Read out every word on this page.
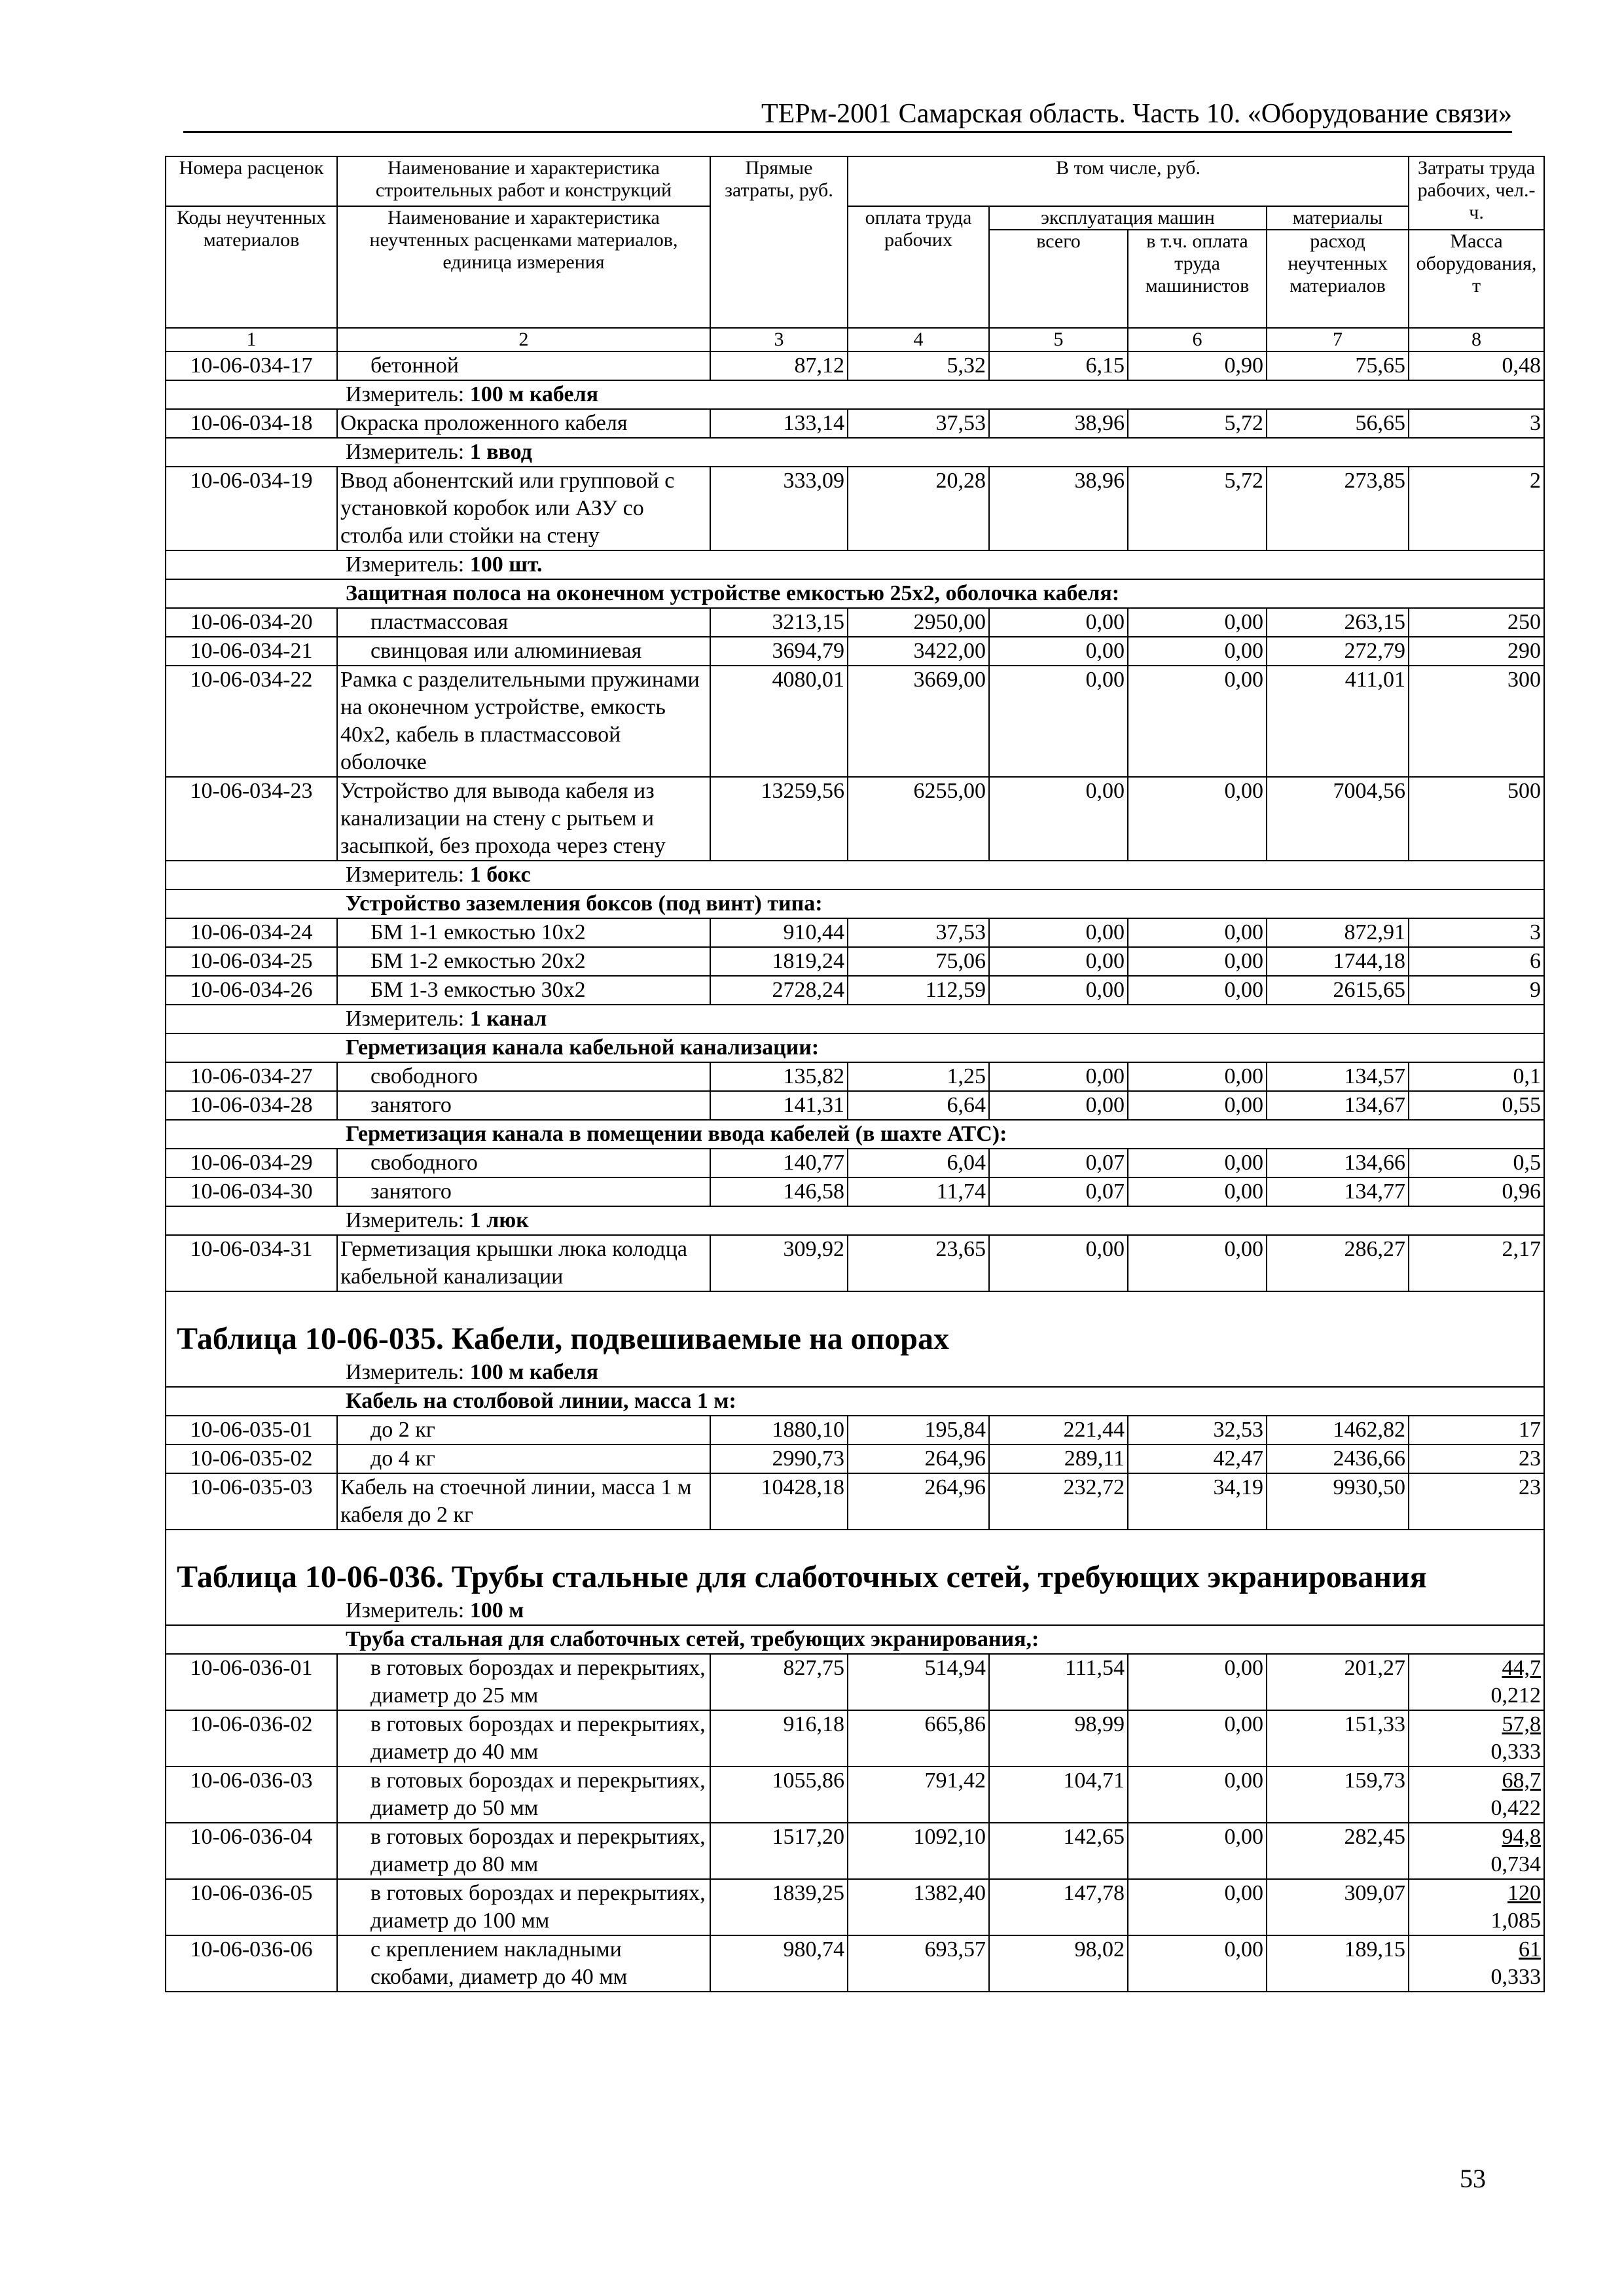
ТЕРм-2001 Самарская область. Часть 10. «Оборудование связи»
Номера расценок	Наименование и характеристика строительных работ и конструкций	Прямые затраты, руб.	В том числе, руб.				Затраты труда рабочих, чел.-ч.
Коды неучтенных материалов	Наименование и характеристика неучтенных расценками материалов, единица измерения		оплата труда рабочих	эксплуатация машин		материалы	
				всего	в т.ч. оплата труда машинистов	расход неучтенных материалов	Масса оборудования, т
1	2	3	4	5	6	7	8
10-06-034-17	бетонной	87,12	5,32	6,15	0,90	75,65	0,48
Измеритель: 100 м кабеля							
10-06-034-18	Окраска проложенного кабеля	133,14	37,53	38,96	5,72	56,65	3
Измеритель: 1 ввод							
10-06-034-19	Ввод абонентский или групповой с установкой коробок или АЗУ со столба или стойки на стену	333,09	20,28	38,96	5,72	273,85	2
Измеритель: 100 шт.							
Защитная полоса на оконечном устройстве емкостью 25х2, оболочка кабеля:							
10-06-034-20	пластмассовая	3213,15	2950,00	0,00	0,00	263,15	250
10-06-034-21	свинцовая или алюминиевая	3694,79	3422,00	0,00	0,00	272,79	290
10-06-034-22	Рамка с разделительными пружинами на оконечном устройстве, емкость 40х2, кабель в пластмассовой оболочке	4080,01	3669,00	0,00	0,00	411,01	300
10-06-034-23	Устройство для вывода кабеля из канализации на стену с рытьем и засыпкой, без прохода через стену	13259,56	6255,00	0,00	0,00	7004,56	500
Измеритель: 1 бокс							
Устройство заземления боксов (под винт) типа:							
10-06-034-24	БМ 1-1 емкостью 10х2	910,44	37,53	0,00	0,00	872,91	3
10-06-034-25	БМ 1-2 емкостью 20х2	1819,24	75,06	0,00	0,00	1744,18	6
10-06-034-26	БМ 1-3 емкостью 30х2	2728,24	112,59	0,00	0,00	2615,65	9
Измеритель: 1 канал							
Герметизация канала кабельной канализации:							
10-06-034-27	свободного	135,82	1,25	0,00	0,00	134,57	0,1
10-06-034-28	занятого	141,31	6,64	0,00	0,00	134,67	0,55
Герметизация канала в помещении ввода кабелей (в шахте АТС):							
10-06-034-29	свободного	140,77	6,04	0,07	0,00	134,66	0,5
10-06-034-30	занятого	146,58	11,74	0,07	0,00	134,77	0,96
Измеритель: 1 люк							
10-06-034-31	Герметизация крышки люка колодца кабельной канализации	309,92	23,65	0,00	0,00	286,27	2,17
Таблица 10-06-035. Кабели, подвешиваемые на опорах							
Измеритель: 100 м кабеля							
Кабель на столбовой линии, масса 1 м:							
10-06-035-01	до 2 кг	1880,10	195,84	221,44	32,53	1462,82	17
10-06-035-02	до 4 кг	2990,73	264,96	289,11	42,47	2436,66	23
10-06-035-03	Кабель на стоечной линии, масса 1 м кабеля до 2 кг	10428,18	264,96	232,72	34,19	9930,50	23
Таблица 10-06-036. Трубы стальные для слаботочных сетей, требующих экранирования							
Измеритель: 100 м							
Труба стальная для слаботочных сетей, требующих экранирования,:							
10-06-036-01	в готовых бороздах и перекрытиях, диаметр до 25 мм	827,75	514,94	111,54	0,00	201,27	44,7
0,212

10-06-036-02	в готовых бороздах и перекрытиях, диаметр до 40 мм	916,18	665,86	98,99	0,00	151,33	57,8
0,333

10-06-036-03	в готовых бороздах и перекрытиях, диаметр до 50 мм	1055,86	791,42	104,71	0,00	159,73	68,7
0,422

10-06-036-04	в готовых бороздах и перекрытиях, диаметр до 80 мм	1517,20	1092,10	142,65	0,00	282,45	94,8
0,734

10-06-036-05	в готовых бороздах и перекрытиях, диаметр до 100 мм	1839,25	1382,40	147,78	0,00	309,07	120
1,085

10-06-036-06	с креплением накладными скобами, диаметр до 40 мм	980,74	693,57	98,02	0,00	189,15	61
0,333
53
